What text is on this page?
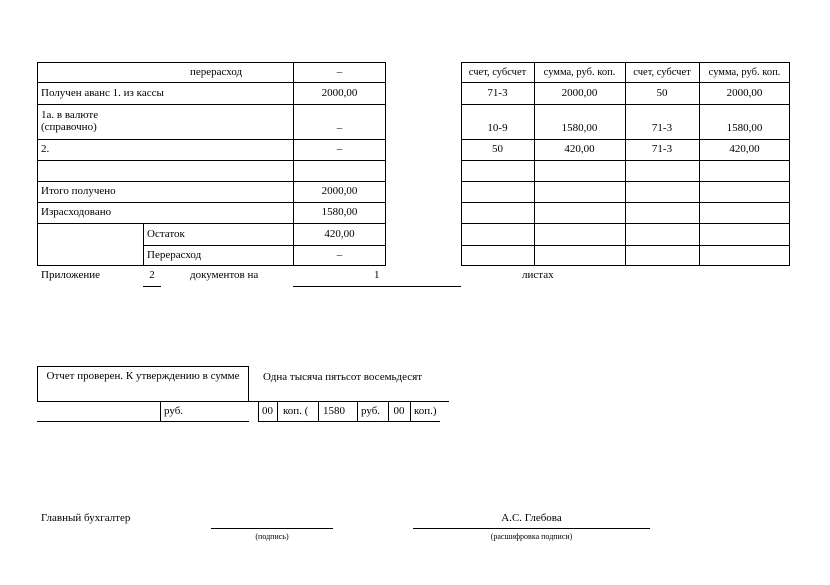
перерасход	–
Получен аванс 1. из кассы	2000,00
1а. в валюте
(справочно)	–
2.	–
Итого получено	2000,00
Израсходовано	1580,00
Остаток	420,00
Перерасход	–
счет, субсчет	сумма, руб. коп.	счет, субсчет	сумма, руб. коп.
71-3	2000,00	50	2000,00
10-9	1580,00	71-3	1580,00
50	420,00	71-3	420,00
Приложение	2	документов на	1	листах
Отчет проверен. К утверждению в сумме Одна тысяча пятьсот восемьдесят
руб.	00 коп. ( 1580 руб.	00 коп.)
Главный бухгалтер
(подпись)
А.С. Глебова
(расшифровка подписи)
